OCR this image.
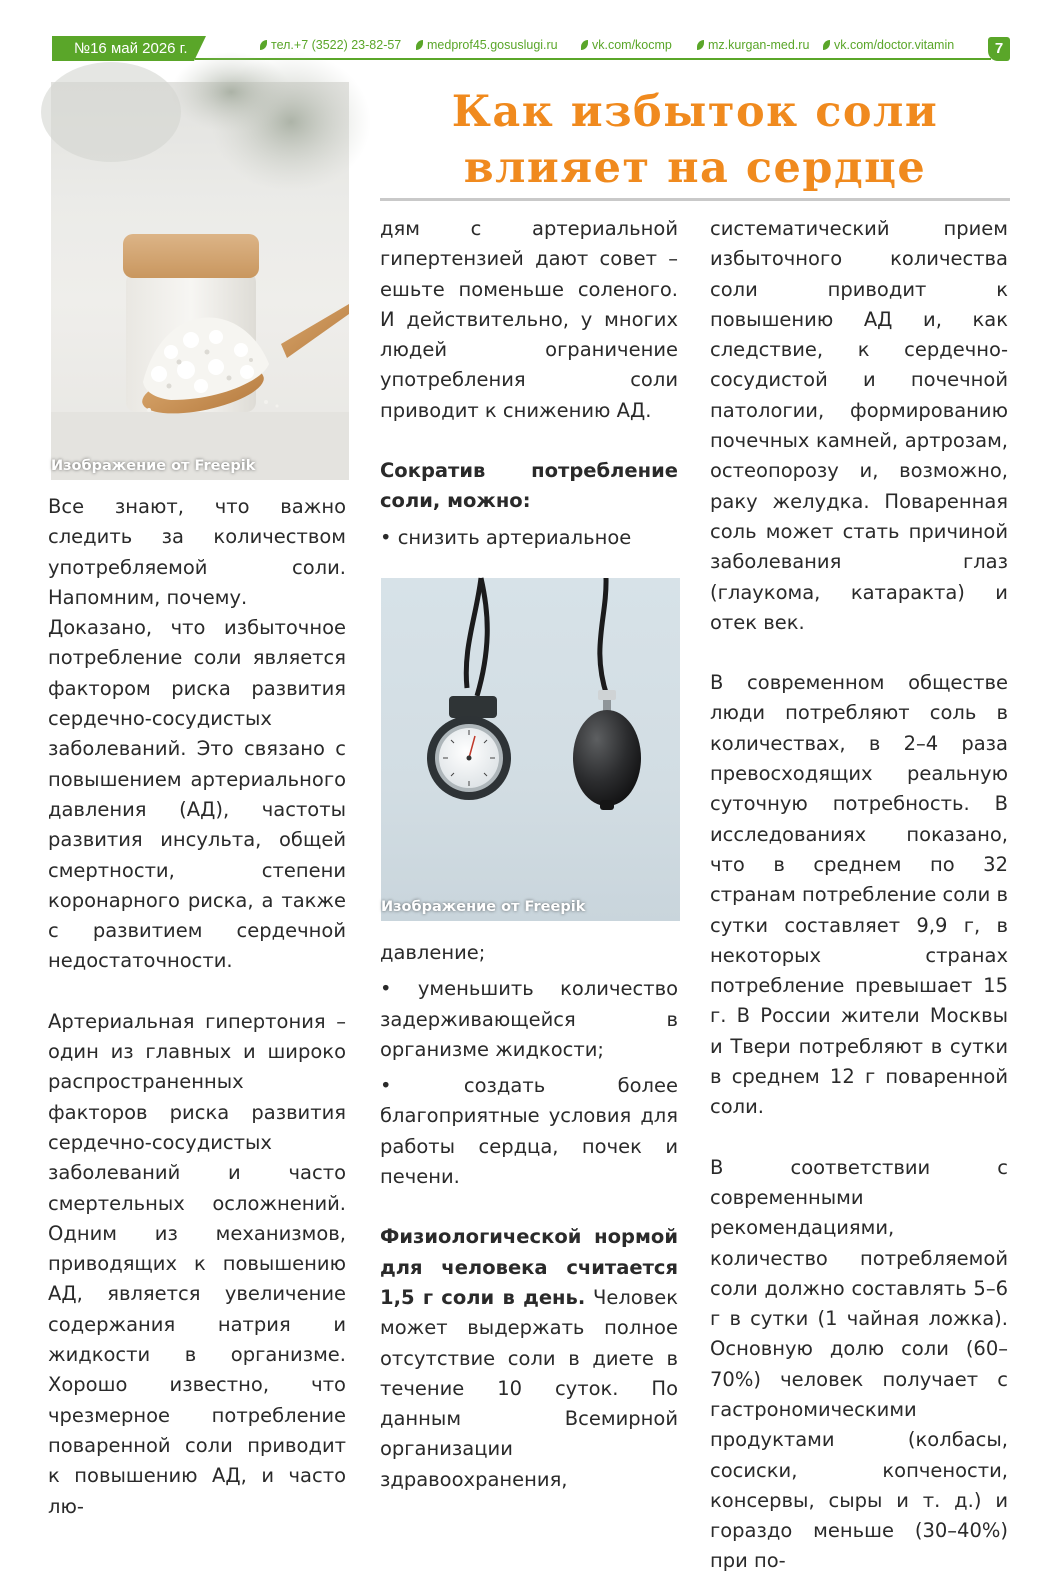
№16 май 2026 г.	тел.+7 (3522) 23-82-57	medprof45.gosuslugi.ru	vk.com/kocmp	mz.kurgan-med.ru	vk.com/doctor.vitamin	7
Как избыток соли
влияет на сердце
Изображение от Freepik
Изображение от Freepik

Все знают, что важно следить за количеством употребляемой соли. Напомним, почему.

Доказано, что избыточное потребление соли является фактором риска развития сердечно-сосудистых заболеваний. Это связано с повышением артериального давления (АД), частоты развития инсульта, общей смертности, степени коронарного риска, а также с развитием сердечной недостаточности.

Артериальная гипертония – один из главных и широко распространенных факторов риска развития сердечно-сосудистых заболеваний и часто смертельных осложнений. Одним из механизмов, приводящих к повышению АД, является увеличение содержания натрия и жидкости в организме. Хорошо известно, что чрезмерное потребление поваренной соли приводит к повышению АД, и часто лю-

дям с артериальной гипертензией дают совет – ешьте поменьше соленого. И действительно, у многих людей ограничение употребления соли приводит к снижению АД.

Сократив потребление соли, можно:

• снизить артериальное

давление;

• уменьшить количество задерживающейся в организме жидкости;

• создать более благоприятные условия для работы сердца, почек и печени.

Физиологической нормой для человека считается 1,5 г соли в день. Человек может выдержать полное отсутствие соли в диете в течение 10 суток. По данным Всемирной организации здравоохранения,

систематический прием избыточного количества соли приводит к повышению АД и, как следствие, к сердечно-сосудистой и почечной патологии, формированию почечных камней, артрозам, остеопорозу и, возможно, раку желудка. Поваренная соль может стать причиной заболевания глаз (глаукома, катаракта) и отек век.

В современном обществе люди потребляют соль в количествах, в 2–4 раза превосходящих реальную суточную потребность. В исследованиях показано, что в среднем по 32 странам потребление соли в сутки составляет 9,9 г, в некоторых странах потребление превышает 15 г. В России жители Москвы и Твери потребляют в сутки в среднем 12 г поваренной соли.

В соответствии с современными рекомендациями, количество потребляемой соли должно составлять 5–6 г в сутки (1 чайная ложка). Основную долю соли (60–70%) человек получает с гастрономическими продуктами (колбасы, сосиски, копчености, консервы, сыры и т. д.) и гораздо меньше (30–40%) при по-
